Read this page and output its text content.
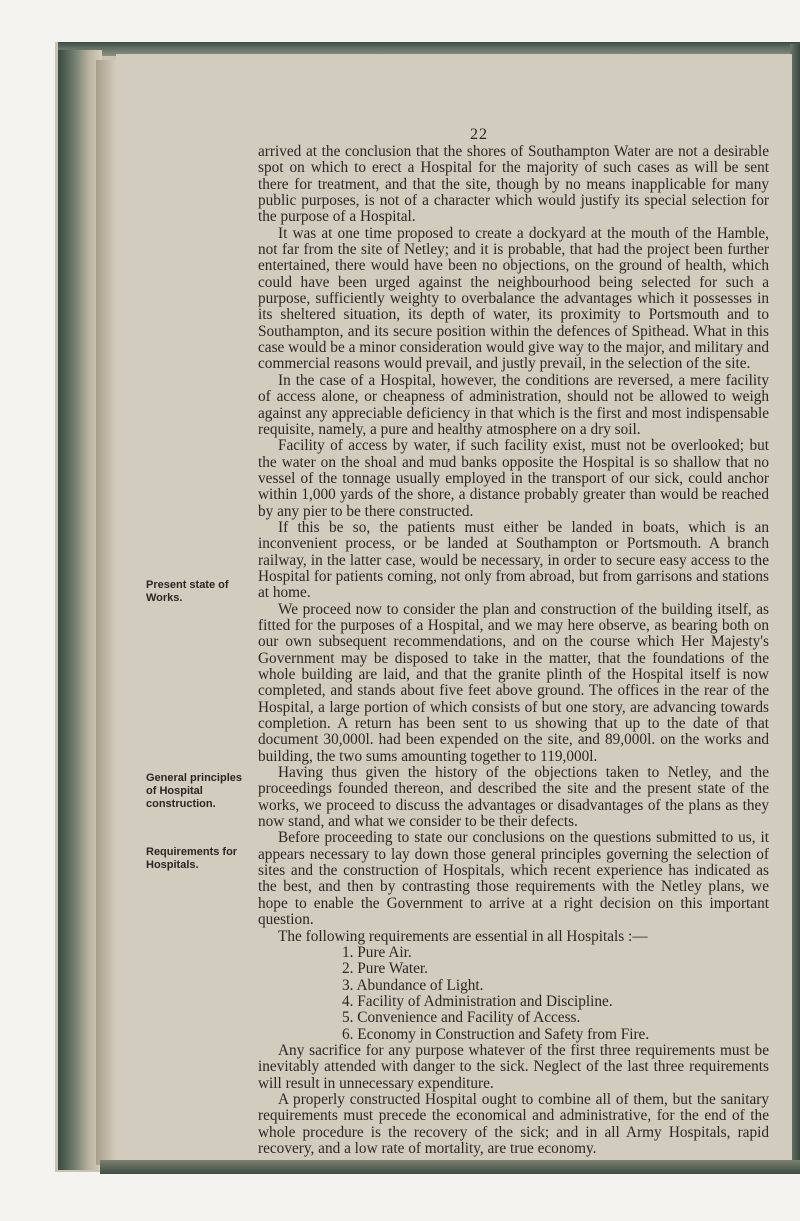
22
Present state of Works.
General principles of Hospital construction.
Requirements for Hospitals.

arrived at the conclusion that the shores of Southampton Water are not a desirable spot on which to erect a Hospital for the majority of such cases as will be sent there for treatment, and that the site, though by no means inapplicable for many public purposes, is not of a character which would justify its special selection for the purpose of a Hospital.

It was at one time proposed to create a dockyard at the mouth of the Hamble, not far from the site of Netley; and it is probable, that had the project been further entertained, there would have been no objections, on the ground of health, which could have been urged against the neighbourhood being selected for such a purpose, sufficiently weighty to overbalance the advantages which it possesses in its sheltered situation, its depth of water, its proximity to Portsmouth and to Southampton, and its secure position within the defences of Spithead. What in this case would be a minor consideration would give way to the major, and military and commercial reasons would prevail, and justly prevail, in the selection of the site.

In the case of a Hospital, however, the conditions are reversed, a mere facility of access alone, or cheapness of administration, should not be allowed to weigh against any appreciable deficiency in that which is the first and most indispensable requisite, namely, a pure and healthy atmosphere on a dry soil.

Facility of access by water, if such facility exist, must not be overlooked; but the water on the shoal and mud banks opposite the Hospital is so shallow that no vessel of the tonnage usually employed in the transport of our sick, could anchor within 1,000 yards of the shore, a distance probably greater than would be reached by any pier to be there constructed.

If this be so, the patients must either be landed in boats, which is an inconvenient process, or be landed at Southampton or Portsmouth. A branch railway, in the latter case, would be necessary, in order to secure easy access to the Hospital for patients coming, not only from abroad, but from garrisons and stations at home.

We proceed now to consider the plan and construction of the building itself, as fitted for the purposes of a Hospital, and we may here observe, as bearing both on our own subsequent recommendations, and on the course which Her Majesty's Government may be disposed to take in the matter, that the foundations of the whole building are laid, and that the granite plinth of the Hospital itself is now completed, and stands about five feet above ground. The offices in the rear of the Hospital, a large portion of which consists of but one story, are advancing towards completion. A return has been sent to us showing that up to the date of that document 30,000l. had been expended on the site, and 89,000l. on the works and building, the two sums amounting together to 119,000l.

Having thus given the history of the objections taken to Netley, and the proceedings founded thereon, and described the site and the present state of the works, we proceed to discuss the advantages or disadvantages of the plans as they now stand, and what we consider to be their defects.

Before proceeding to state our conclusions on the questions submitted to us, it appears necessary to lay down those general principles governing the selection of sites and the construction of Hospitals, which recent experience has indicated as the best, and then by contrasting those requirements with the Netley plans, we hope to enable the Government to arrive at a right decision on this important question.

The following requirements are essential in all Hospitals :—

1. Pure Air.
2. Pure Water.
3. Abundance of Light.
4. Facility of Administration and Discipline.
5. Convenience and Facility of Access.
6. Economy in Construction and Safety from Fire.

Any sacrifice for any purpose whatever of the first three requirements must be inevitably attended with danger to the sick. Neglect of the last three requirements will result in unnecessary expenditure.

A properly constructed Hospital ought to combine all of them, but the sanitary requirements must precede the economical and administrative, for the end of the whole procedure is the recovery of the sick; and in all Army Hospitals, rapid recovery, and a low rate of mortality, are true economy.
